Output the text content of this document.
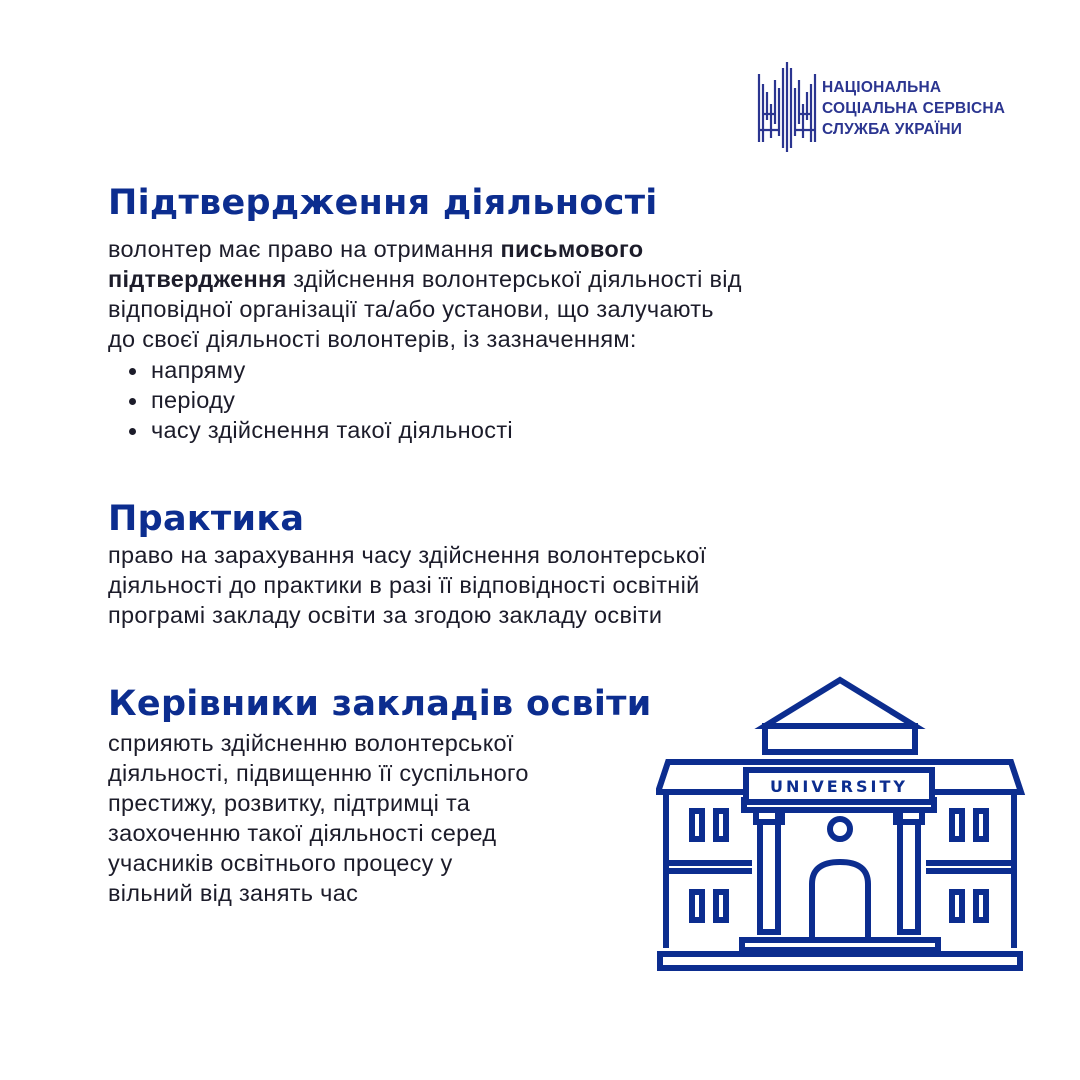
НАЦІОНАЛЬНА
СОЦІАЛЬНА СЕРВІСНА
СЛУЖБА УКРАЇНИ
Підтвердження діяльності
волонтер має право на отримання письмового
підтвердження здійснення волонтерської діяльності від
відповідної організації та/або установи, що залучають
до своєї діяльності волонтерів, із зазначенням:
напряму
періоду
часу здійснення такої діяльності
Практика
право на зарахування часу здійснення волонтерської
діяльності до практики в разі її відповідності освітній
програмі закладу освіти за згодою закладу освіти
Керівники закладів освіти
сприяють здійсненню волонтерської
діяльності, підвищенню її суспільного
престижу, розвитку, підтримці та
заохоченню такої діяльності серед
учасників освітнього процесу у
вільний від занять час
UNIVERSITY
